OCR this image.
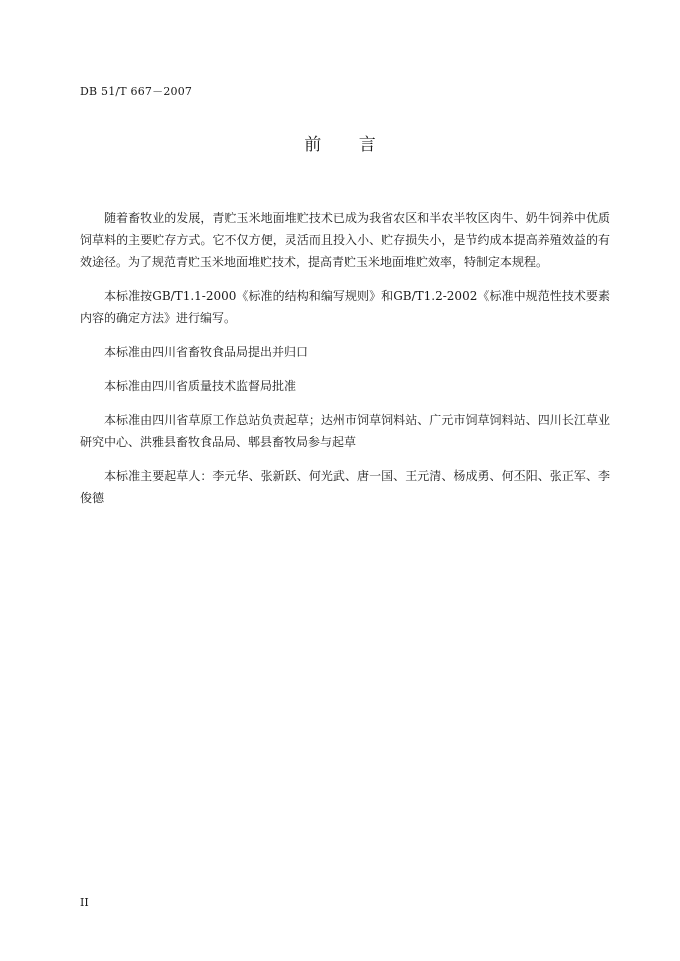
DB 51/T 667－2007
前 言

随着畜牧业的发展，青贮玉米地面堆贮技术已成为我省农区和半农半牧区肉牛、奶牛饲养中优质饲草料的主要贮存方式。它不仅方便，灵活而且投入小、贮存损失小，是节约成本提高养殖效益的有效途径。为了规范青贮玉米地面堆贮技术，提高青贮玉米地面堆贮效率，特制定本规程。

本标准按GB/T1.1-2000《标准的结构和编写规则》和GB/T1.2-2002《标准中规范性技术要素内容的确定方法》进行编写。

本标准由四川省畜牧食品局提出并归口

本标准由四川省质量技术监督局批准

本标准由四川省草原工作总站负责起草；达州市饲草饲料站、广元市饲草饲料站、四川长江草业研究中心、洪雅县畜牧食品局、郫县畜牧局参与起草

本标准主要起草人：李元华、张新跃、何光武、唐一国、王元清、杨成勇、何丕阳、张正军、李俊德

II
